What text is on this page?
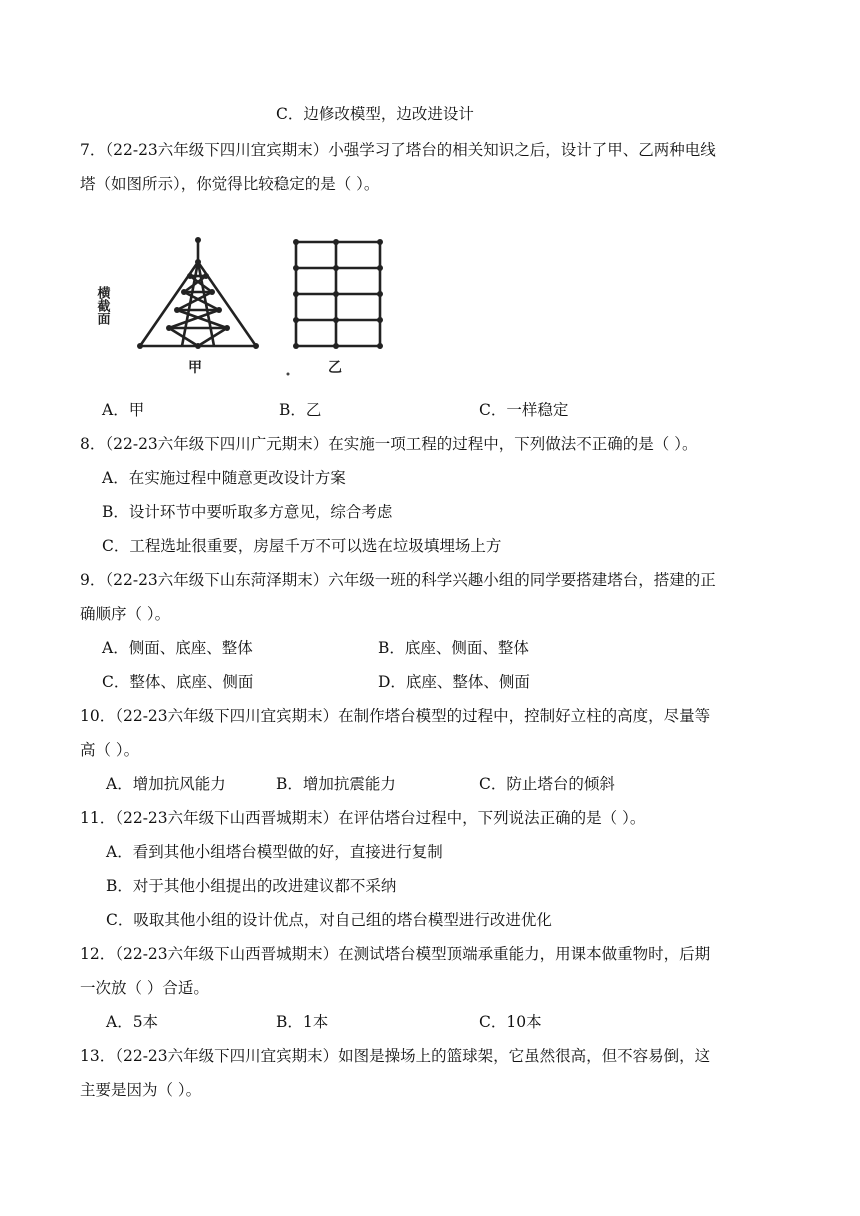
C．边修改模型，边改进设计
7．（22-23六年级下四川宜宾期末）小强学习了塔台的相关知识之后，设计了甲、乙两种电线
塔（如图所示），你觉得比较稳定的是（ ）。
横截面
甲	乙
A．甲	B．乙	C．一样稳定
8．（22-23六年级下四川广元期末）在实施一项工程的过程中，下列做法不正确的是（ ）。
A．在实施过程中随意更改设计方案
B．设计环节中要听取多方意见，综合考虑
C．工程选址很重要，房屋千万不可以选在垃圾填埋场上方
9．（22-23六年级下山东菏泽期末）六年级一班的科学兴趣小组的同学要搭建塔台，搭建的正
确顺序（ ）。
A．侧面、底座、整体	B．底座、侧面、整体
C．整体、底座、侧面	D．底座、整体、侧面
10．（22-23六年级下四川宜宾期末）在制作塔台模型的过程中，控制好立柱的高度，尽量等
高（ ）。
A．增加抗风能力	B．增加抗震能力	C．防止塔台的倾斜
11．（22-23六年级下山西晋城期末）在评估塔台过程中，下列说法正确的是（ ）。
A．看到其他小组塔台模型做的好，直接进行复制
B．对于其他小组提出的改进建议都不采纳
C．吸取其他小组的设计优点，对自己组的塔台模型进行改进优化
12．（22-23六年级下山西晋城期末）在测试塔台模型顶端承重能力，用课本做重物时，后期
一次放（ ）合适。
A．5本	B．1本	C．10本
13．（22-23六年级下四川宜宾期末）如图是操场上的篮球架，它虽然很高，但不容易倒，这
主要是因为（ ）。
